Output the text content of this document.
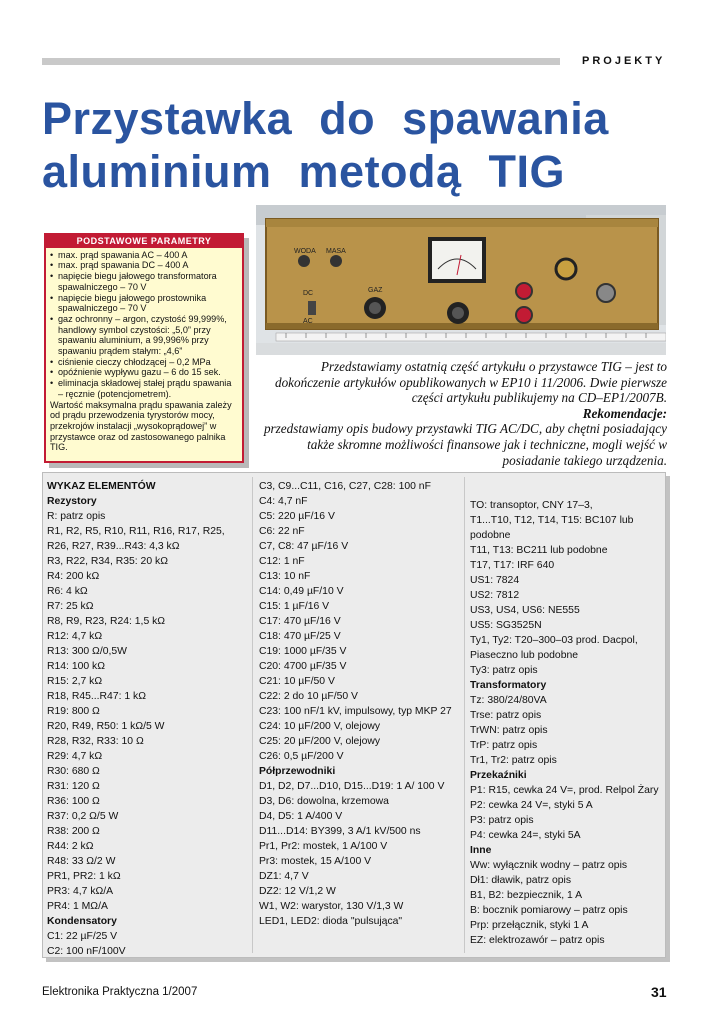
PROJEKTY
Przystawka do spawania
aluminium metodą TIG
PODSTAWOWE PARAMETRY
• max. prąd spawania AC – 400 A
• max. prąd spawania DC – 400 A
• napięcie biegu jałowego transformatora spawalniczego – 70 V
• napięcie biegu jałowego prostownika spawalniczego – 70 V
• gaz ochronny – argon, czystość 99,999%, handlowy symbol czystości: „5,0” przy spawaniu aluminium, a 99,996% przy spawaniu prądem stałym: „4,6”
• ciśnienie cieczy chłodzącej – 0,2 MPa
• opóźnienie wypływu gazu – 6 do 15 sek.
• eliminacja składowej stałej prądu spawania – ręcznie (potencjometrem).
Wartość maksymalna prądu spawania zależy od prądu przewodzenia tyrystorów mocy, przekrojów instalacji „wysokoprądowej” w przystawce oraz od zastosowanego palnika TIG.
WODA MASA
DC
AC
GAZ
Przedstawiamy ostatnią część artykułu o przystawce TIG – jest to dokończenie artykułów opublikowanych w EP10 i 11/2006. Dwie pierwsze części artykułu publikujemy na CD–EP1/2007B.
Rekomendacje:
przedstawiamy opis budowy przystawki TIG AC/DC, aby chętni posiadający także skromne możliwości finansowe jak i techniczne, mogli wejść w posiadanie takiego urządzenia.
WYKAZ ELEMENTÓW
Rezystory
R: patrz opis
R1, R2, R5, R10, R11, R16, R17, R25, R26, R27, R39...R43: 4,3 kΩ
R3, R22, R34, R35: 20 kΩ
R4: 200 kΩ
R6: 4 kΩ
R7: 25 kΩ
R8, R9, R23, R24: 1,5 kΩ
R12: 4,7 kΩ
R13: 300 Ω/0,5W
R14: 100 kΩ
R15: 2,7 kΩ
R18, R45...R47: 1 kΩ
R19: 800 Ω
R20, R49, R50: 1 kΩ/5 W
R28, R32, R33: 10 Ω
R29: 4,7 kΩ
R30: 680 Ω
R31: 120 Ω
R36: 100 Ω
R37: 0,2 Ω/5 W
R38: 200 Ω
R44: 2 kΩ
R48: 33 Ω/2 W
PR1, PR2: 1 kΩ
PR3: 4,7 kΩ/A
PR4: 1 MΩ/A
Kondensatory
C1: 22 µF/25 V
C2: 100 nF/100V
C3, C9...C11, C16, C27, C28: 100 nF
C4: 4,7 nF
C5: 220 µF/16 V
C6: 22 nF
C7, C8: 47 µF/16 V
C12: 1 nF
C13: 10 nF
C14: 0,49 µF/10 V
C15: 1 µF/16 V
C17: 470 µF/16 V
C18: 470 µF/25 V
C19: 1000 µF/35 V
C20: 4700 µF/35 V
C21: 10 µF/50 V
C22: 2 do 10 µF/50 V
C23: 100 nF/1 kV, impulsowy, typ MKP 27
C24: 10 µF/200 V, olejowy
C25: 20 µF/200 V, olejowy
C26: 0,5 µF/200 V
Półprzewodniki
D1, D2, D7...D10, D15...D19: 1 A/ 100 V
D3, D6: dowolna, krzemowa
D4, D5: 1 A/400 V
D11...D14: BY399, 3 A/1 kV/500 ns
Pr1, Pr2: mostek, 1 A/100 V
Pr3: mostek, 15 A/100 V
DZ1: 4,7 V
DZ2: 12 V/1,2 W
W1, W2: warystor, 130 V/1,3 W
LED1, LED2: dioda "pulsująca"
TO: transoptor, CNY 17–3,
T1...T10, T12, T14, T15: BC107 lub podobne
T11, T13: BC211 lub podobne
T17, T17: IRF 640
US1: 7824
US2: 7812
US3, US4, US6: NE555
US5: SG3525N
Ty1, Ty2: T20–300–03 prod. Dacpol, Piaseczno lub podobne
Ty3: patrz opis
Transformatory
Tz: 380/24/80VA
Trse: patrz opis
TrWN: patrz opis
TrP: patrz opis
Tr1, Tr2: patrz opis
Przekaźniki
P1: R15, cewka 24 V=, prod. Relpol Żary
P2: cewka 24 V=, styki 5 A
P3: patrz opis
P4: cewka 24=, styki 5A
Inne
Ww: wyłącznik wodny – patrz opis
Dł1: dławik, patrz opis
B1, B2: bezpiecznik, 1 A
B: bocznik pomiarowy – patrz opis
Prp: przełącznik, styki 1 A
EZ: elektrozawór – patrz opis
Elektronika Praktyczna 1/2007	31
